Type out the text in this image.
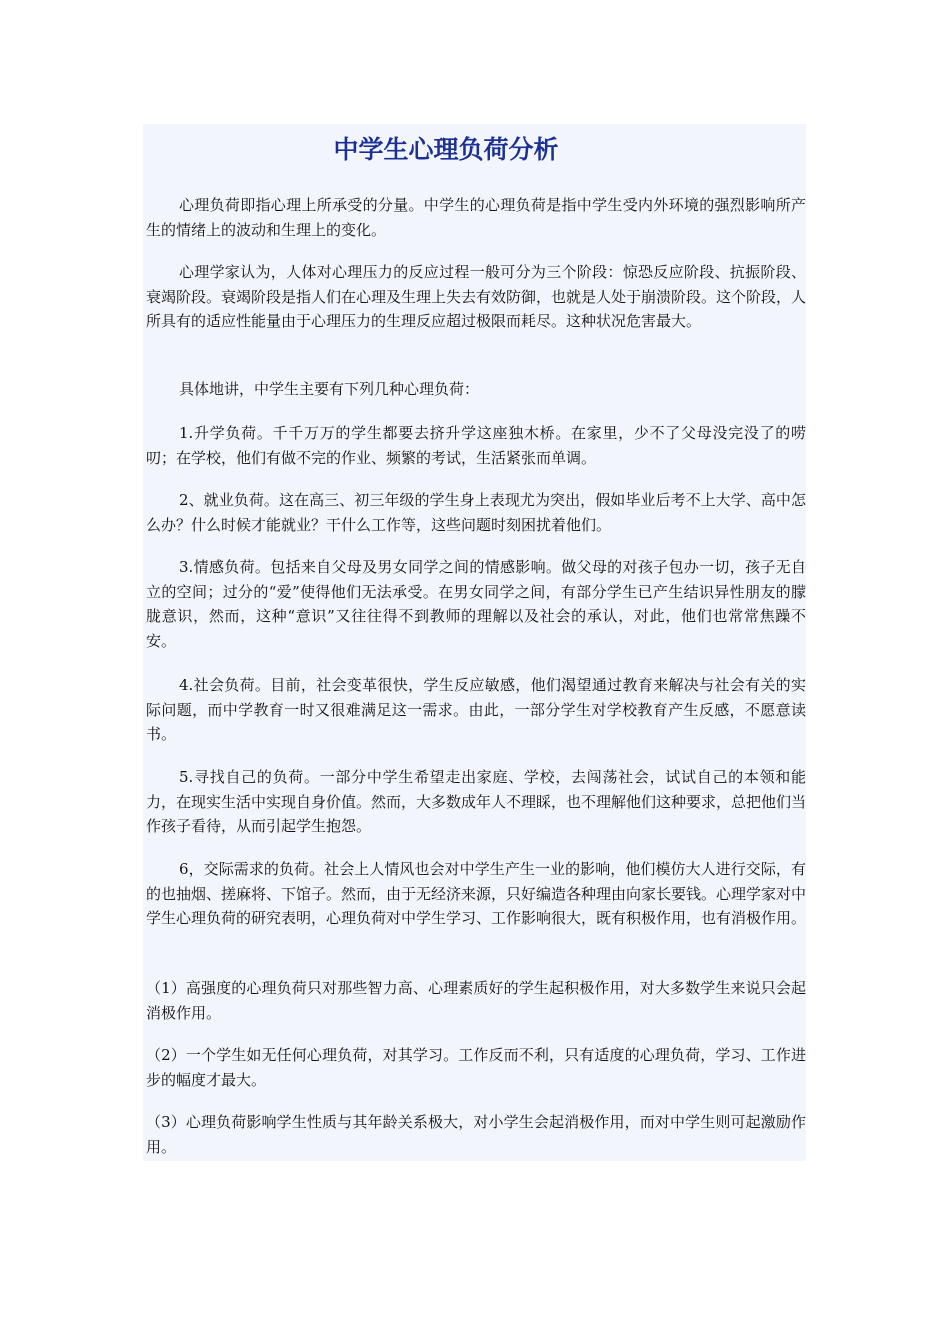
中学生心理负荷分析

心理负荷即指心理上所承受的分量。中学生的心理负荷是指中学生受内外环境的强烈影响所产生的情绪上的波动和生理上的变化。

心理学家认为，人体对心理压力的反应过程一般可分为三个阶段：惊恐反应阶段、抗振阶段、衰竭阶段。衰竭阶段是指人们在心理及生理上失去有效防御，也就是人处于崩溃阶段。这个阶段，人所具有的适应性能量由于心理压力的生理反应超过极限而耗尽。这种状况危害最大。

具体地讲，中学生主要有下列几种心理负荷：

1.升学负荷。千千万万的学生都要去挤升学这座独木桥。在家里，少不了父母没完没了的唠叨；在学校，他们有做不完的作业、频繁的考试，生活紧张而单调。

2、就业负荷。这在高三、初三年级的学生身上表现尤为突出，假如毕业后考不上大学、高中怎么办？什么时候才能就业？干什么工作等，这些问题时刻困扰着他们。

3.情感负荷。包括来自父母及男女同学之间的情感影响。做父母的对孩子包办一切，孩子无自立的空间；过分的“爱”使得他们无法承受。在男女同学之间，有部分学生已产生结识异性朋友的朦胧意识，然而，这种“意识”又往往得不到教师的理解以及社会的承认，对此，他们也常常焦躁不安。

4.社会负荷。目前，社会变革很快，学生反应敏感，他们渴望通过教育来解决与社会有关的实际问题，而中学教育一时又很难满足这一需求。由此，一部分学生对学校教育产生反感，不愿意读书。

5.寻找自己的负荷。一部分中学生希望走出家庭、学校，去闯荡社会，试试自己的本领和能力，在现实生活中实现自身价值。然而，大多数成年人不理睬，也不理解他们这种要求，总把他们当作孩子看待，从而引起学生抱怨。

6，交际需求的负荷。社会上人情风也会对中学生产生一业的影响，他们模仿大人进行交际，有的也抽烟、搓麻将、下馆子。然而，由于无经济来源，只好编造各种理由向家长要钱。心理学家对中学生心理负荷的研究表明，心理负荷对中学生学习、工作影响很大，既有积极作用，也有消极作用。

（1）高强度的心理负荷只对那些智力高、心理素质好的学生起积极作用，对大多数学生来说只会起消极作用。

（2）一个学生如无任何心理负荷，对其学习。工作反而不利，只有适度的心理负荷，学习、工作进步的幅度才最大。

（3）心理负荷影响学生性质与其年龄关系极大，对小学生会起消极作用，而对中学生则可起激励作用。
